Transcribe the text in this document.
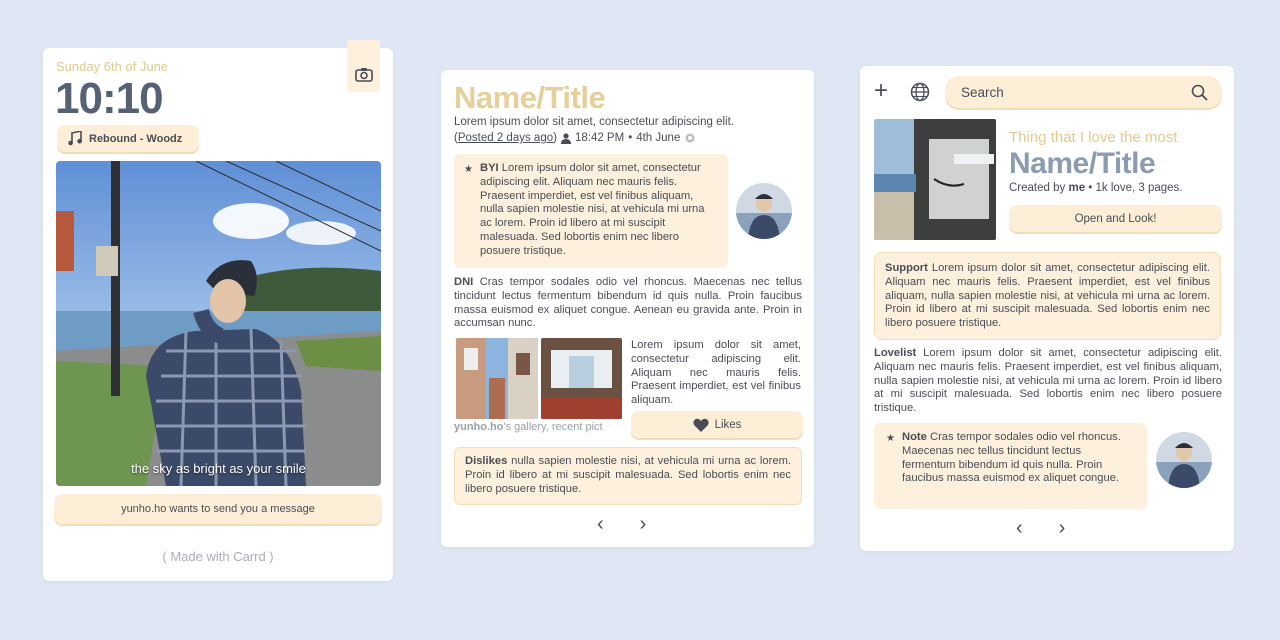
Sunday 6th of June
10:10
Rebound - Woodz
the sky as bright as your smile
yunho.ho wants to send you a message
( Made with Carrd )
Name/Title
Lorem ipsum dolor sit amet, consectetur adipiscing elit.
(Posted 2 days ago) 18:42 PM • 4th June
★ BYI Lorem ipsum dolor sit amet, consectetur adipiscing elit. Aliquam nec mauris felis. Praesent imperdiet, est vel finibus aliquam, nulla sapien molestie nisi, at vehicula mi urna ac lorem. Proin id libero at mi suscipit malesuada. Sed lobortis enim nec libero posuere tristique.
DNI Cras tempor sodales odio vel rhoncus. Maecenas nec tellus tincidunt lectus fermentum bibendum id quis nulla. Proin faucibus massa euismod ex aliquet congue. Aenean eu gravida ante. Proin in accumsan nunc.
yunho.ho's gallery, recent pict
Lorem ipsum dolor sit amet, consectetur adipiscing elit. Aliquam nec mauris felis. Praesent imperdiet, est vel finibus aliquam.
Likes
Dislikes nulla sapien molestie nisi, at vehicula mi urna ac lorem. Proin id libero at mi suscipit malesuada. Sed lobortis enim nec libero posuere tristique.
‹ ›
+	Search
Thing that I love the most
Name/Title
Created by me • 1k love, 3 pages.
Open and Look!
Support Lorem ipsum dolor sit amet, consectetur adipiscing elit. Aliquam nec mauris felis. Praesent imperdiet, est vel finibus aliquam, nulla sapien molestie nisi, at vehicula mi urna ac lorem. Proin id libero at mi suscipit malesuada. Sed lobortis enim nec libero posuere tristique.
Lovelist Lorem ipsum dolor sit amet, consectetur adipiscing elit. Aliquam nec mauris felis. Praesent imperdiet, est vel finibus aliquam, nulla sapien molestie nisi, at vehicula mi urna ac lorem. Proin id libero at mi suscipit malesuada. Sed lobortis enim nec libero posuere tristique.
★ Note Cras tempor sodales odio vel rhoncus. Maecenas nec tellus tincidunt lectus fermentum bibendum id quis nulla. Proin faucibus massa euismod ex aliquet congue.
‹ ›
